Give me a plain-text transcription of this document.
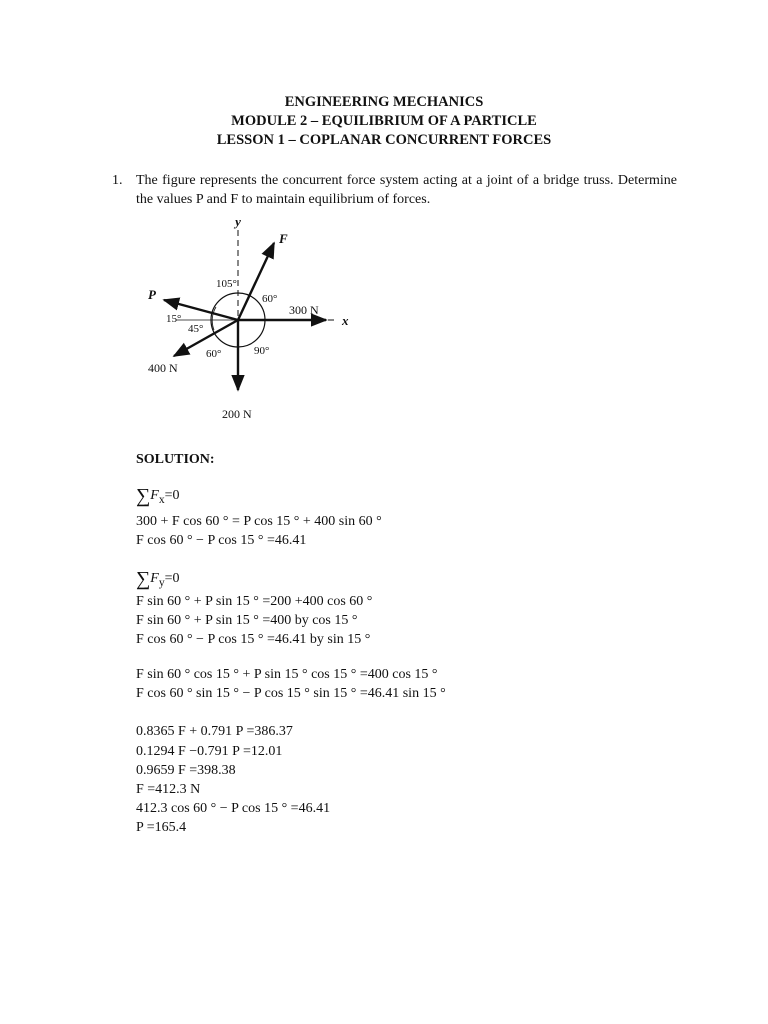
ENGINEERING MECHANICS
MODULE 2 – EQUILIBRIUM OF A PARTICLE
LESSON 1 – COPLANAR CONCURRENT FORCES
1. The figure represents the concurrent force system acting at a joint of a bridge truss. Determine the values P and F to maintain equilibrium of forces.
y
x
F
P
300 N
400 N
200 N
105°
60°
15°
45°
60°	90°
SOLUTION:
$\sum F_x=0$
300 + F cos 60 ° = P cos 15 ° + 400 sin 60 °
F cos 60 ° − P cos 15 ° =46.41
$\sum F_y=0$
F sin 60 ° + P sin 15 ° =200 +400 cos 60 °
F sin 60 ° + P sin 15 ° =400 by cos 15 °
F cos 60 ° − P cos 15 ° =46.41 by sin 15 °
F sin 60 ° cos 15 ° + P sin 15 ° cos 15 ° =400 cos 15 °
F cos 60 ° sin 15 ° − P cos 15 ° sin 15 ° =46.41 sin 15 °
0.8365 F + 0.791 P =386.37
0.1294 F −0.791 P =12.01
0.9659 F =398.38
F =412.3 N
412.3 cos 60 ° − P cos 15 ° =46.41
P =165.4
